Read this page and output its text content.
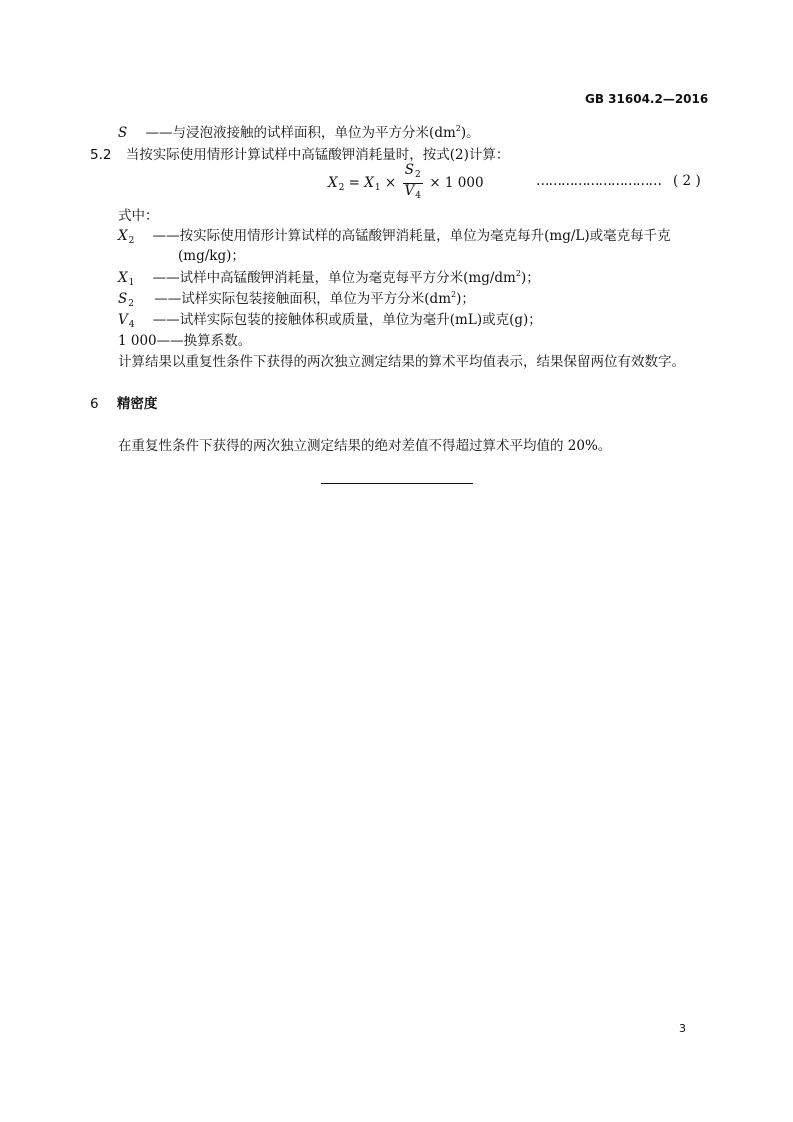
GB 31604.2—2016
S ——与浸泡液接触的试样面积，单位为平方分米$(dm^2)$。
5.2 当按实际使用情形计算试样中高锰酸钾消耗量时，按式(2)计算：
$X_2 = X_1 \times \frac{S_2}{V_4} \times 1$ 000	………………………… ( 2 )
式中：
$X_2$ ——按实际使用情形计算试样的高锰酸钾消耗量，单位为毫克每升(mg/L)或毫克每千克
(mg/kg)；
$X_1$ ——试样中高锰酸钾消耗量，单位为毫克每平方分米$(mg/dm^2)$；
$S_2$ ——试样实际包装接触面积，单位为平方分米$(dm^2)$；
$V_4$ ——试样实际包装的接触体积或质量，单位为毫升(mL)或克(g)；
1 000——换算系数。
计算结果以重复性条件下获得的两次独立测定结果的算术平均值表示，结果保留两位有效数字。
6 精密度
在重复性条件下获得的两次独立测定结果的绝对差值不得超过算术平均值的 20%。
3
